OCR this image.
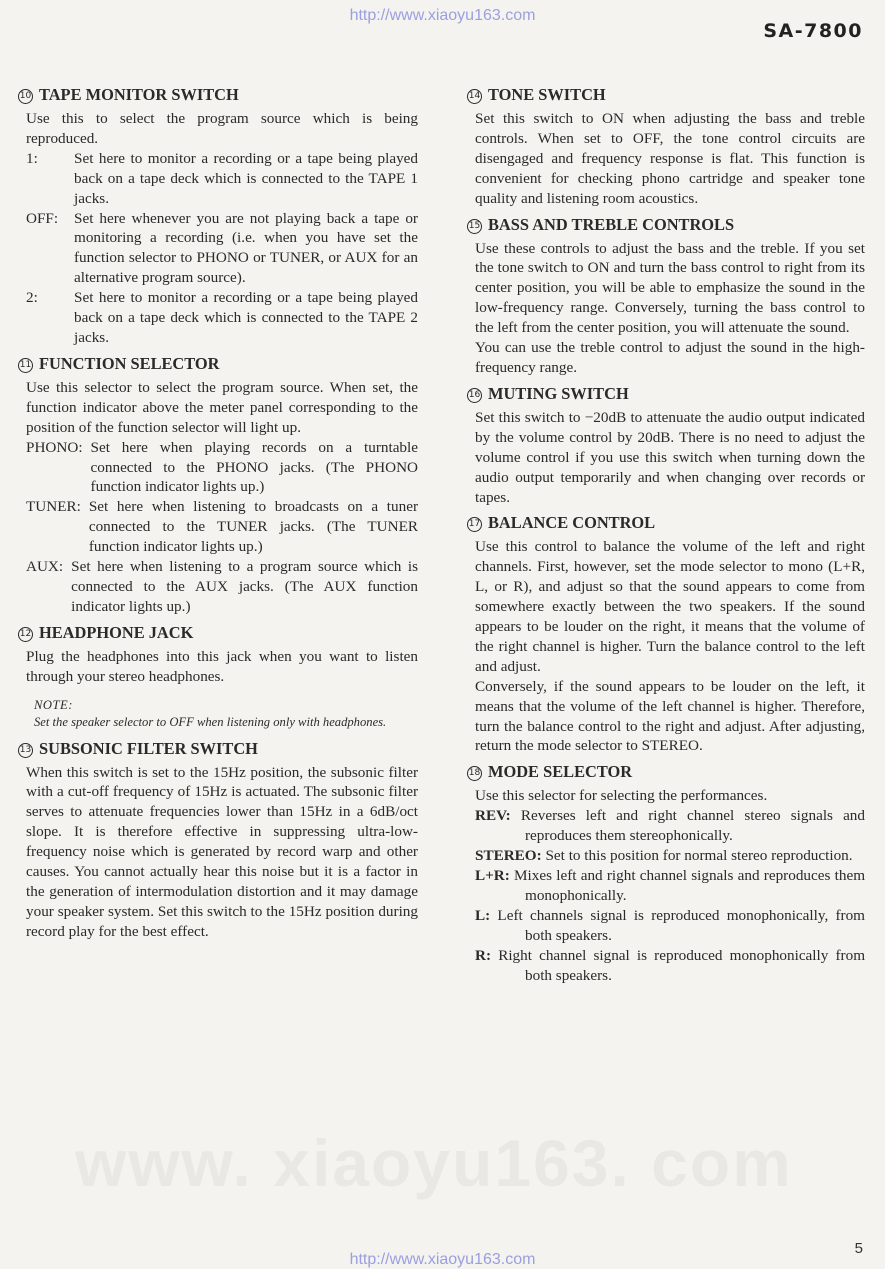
http://www.xiaoyu163.com
SA-7800
10 TAPE MONITOR SWITCH

Use this to select the program source which is being reproduced.

1:	Set here to monitor a recording or a tape being played back on a tape deck which is connected to the TAPE 1 jacks.
OFF:	Set here whenever you are not playing back a tape or monitoring a recording (i.e. when you have set the function selector to PHONO or TUNER, or AUX for an alternative program source).
2:	Set here to monitor a recording or a tape being played back on a tape deck which is connected to the TAPE 2 jacks.
11 FUNCTION SELECTOR

Use this selector to select the program source. When set, the function indicator above the meter panel corresponding to the position of the function selector will light up.

PHONO: Set here when playing records on a turntable connected to the PHONO jacks. (The PHONO function indicator lights up.)
TUNER: Set here when listening to broadcasts on a tuner connected to the TUNER jacks. (The TUNER function indicator lights up.)
AUX: Set here when listening to a program source which is connected to the AUX jacks. (The AUX function indicator lights up.)
12 HEADPHONE JACK

Plug the headphones into this jack when you want to listen through your stereo headphones.

NOTE:
Set the speaker selector to OFF when listening only with headphones.
13 SUBSONIC FILTER SWITCH

When this switch is set to the 15Hz position, the subsonic filter with a cut-off frequency of 15Hz is actuated. The subsonic filter serves to attenuate frequencies lower than 15Hz in a 6dB/oct slope. It is therefore effective in suppressing ultra-low-frequency noise which is generated by record warp and other causes. You cannot actually hear this noise but it is a factor in the generation of intermodulation distortion and it may damage your speaker system. Set this switch to the 15Hz position during record play for the best effect.

14 TONE SWITCH

Set this switch to ON when adjusting the bass and treble controls. When set to OFF, the tone control circuits are disengaged and frequency response is flat. This function is convenient for checking phono cartridge and speaker tone quality and listening room acoustics.

15 BASS AND TREBLE CONTROLS

Use these controls to adjust the bass and the treble. If you set the tone switch to ON and turn the bass control to right from its center position, you will be able to emphasize the sound in the low-frequency range. Conversely, turning the bass control to the left from the center position, you will attenuate the sound.

You can use the treble control to adjust the sound in the high-frequency range.

16 MUTING SWITCH

Set this switch to −20dB to attenuate the audio output indicated by the volume control by 20dB. There is no need to adjust the volume control if you use this switch when turning down the audio output temporarily and when changing over records or tapes.

17 BALANCE CONTROL

Use this control to balance the volume of the left and right channels. First, however, set the mode selector to mono (L+R, L, or R), and adjust so that the sound appears to come from somewhere exactly between the two speakers. If the sound appears to be louder on the right, it means that the volume of the right channel is higher. Turn the balance control to the left and adjust.

Conversely, if the sound appears to be louder on the left, it means that the volume of the left channel is higher. Therefore, turn the balance control to the right and adjust. After adjusting, return the mode selector to STEREO.

18 MODE SELECTOR

Use this selector for selecting the performances.

REV: Reverses left and right channel stereo signals and reproduces them stereophonically.
STEREO: Set to this position for normal stereo reproduction.
L+R: Mixes left and right channel signals and reproduces them monophonically.
L: Left channels signal is reproduced monophonically, from both speakers.
R: Right channel signal is reproduced monophonically from both speakers.
http://www.xiaoyu163.com
5
